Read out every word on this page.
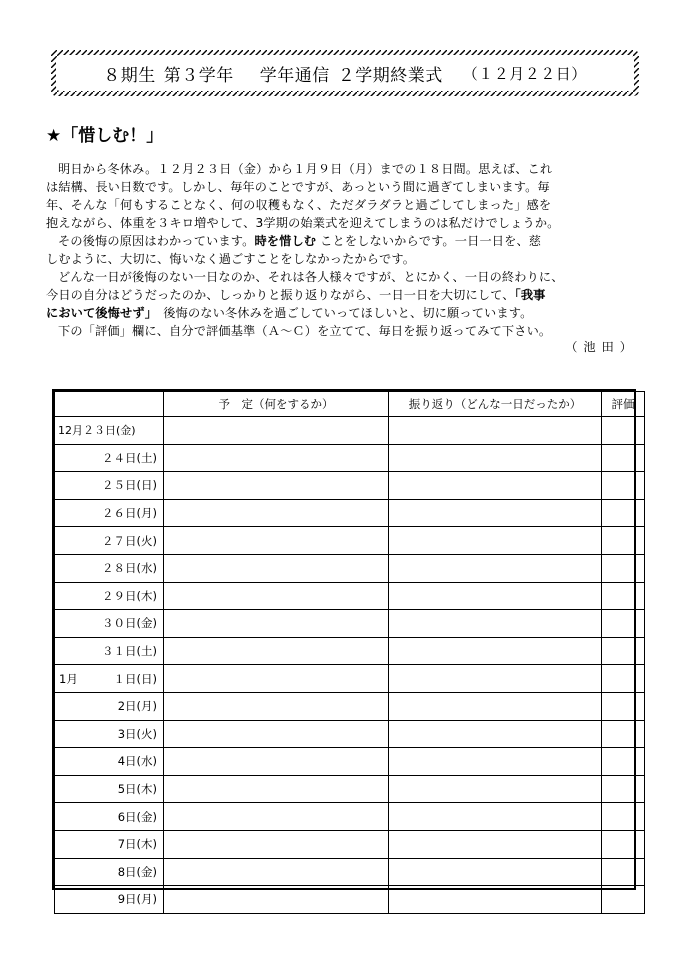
８期生 第３学年 学年通信 ２学期終業式 （１２月２２日）
★「惜しむ！」
明日から冬休み。１２月２３日（金）から１月９日（月）までの１８日間。思えば、これ
は結構、長い日数です。しかし、毎年のことですが、あっという間に過ぎてしまいます。毎
年、そんな「何もすることなく、何の収穫もなく、ただダラダラと過ごしてしまった」感を
抱えながら、体重を３キロ増やして、3学期の始業式を迎えてしまうのは私だけでしょうか。
その後悔の原因はわかっています。時を惜しむ ことをしないからです。一日一日を、慈
しむように、大切に、悔いなく過ごすことをしなかったからです。
どんな一日が後悔のない一日なのか、それは各人様々ですが、とにかく、一日の終わりに、
今日の自分はどうだったのか、しっかりと振り返りながら、一日一日を大切にして、「我事
において後悔せず」　後悔のない冬休みを過ごしていってほしいと、切に願っています。
下の「評価」欄に、自分で評価基準（Ａ～Ｃ）を立てて、毎日を振り返ってみて下さい。
（池田）
	予　定（何をするか）	振り返り（どんな一日だったか）	評価
12月２３日(金)			
２４日(土)			
２５日(日)			
２６日(月)			
２７日(火)			
２８日(水)			
２９日(木)			
３０日(金)			
３１日(土)			

1月 １日(日)			

2日(月)			
3日(火)			
4日(水)			
5日(木)			
6日(金)			
7日(木)			
8日(金)			
9日(月)			
